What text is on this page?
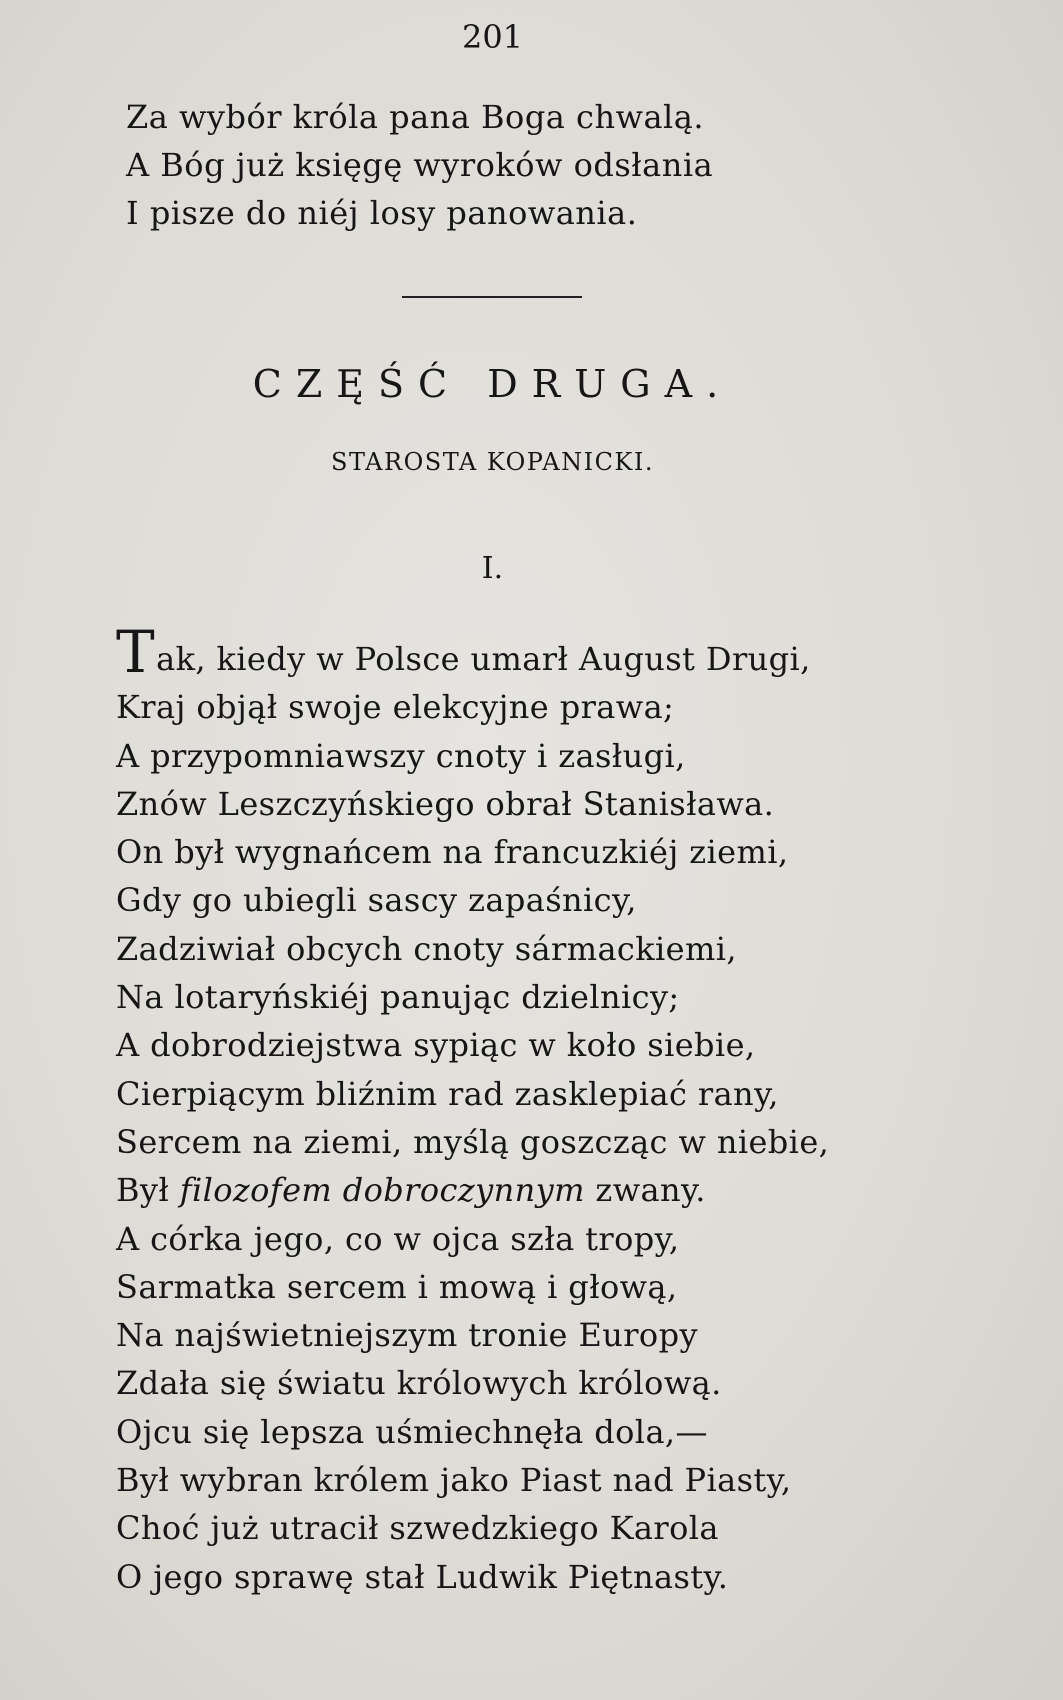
201
Za wybór króla pana Boga chwalą.
A Bóg już księgę wyroków odsłania
I pisze do niéj losy panowania.
CZĘŚĆ DRUGA.
STAROSTA KOPANICKI.
I.
Tak, kiedy w Polsce umarł August Drugi,
Kraj objął swoje elekcyjne prawa;
A przypomniawszy cnoty i zasługi,
Znów Leszczyńskiego obrał Stanisława.
On był wygnańcem na francuzkiéj ziemi,
Gdy go ubiegli sascy zapaśnicy,
Zadziwiał obcych cnoty sármackiemi,
Na lotaryńskiéj panując dzielnicy;
A dobrodziejstwa sypiąc w koło siebie,
Cierpiącym bliźnim rad zasklepiać rany,
Sercem na ziemi, myślą goszcząc w niebie,
Był filozofem dobroczynnym zwany.
A córka jego, co w ojca szła tropy,
Sarmatka sercem i mową i głową,
Na najświetniejszym tronie Europy
Zdała się światu królowych królową.
Ojcu się lepsza uśmiechnęła dola,—
Był wybran królem jako Piast nad Piasty,
Choć już utracił szwedzkiego Karola
O jego sprawę stał Ludwik Piętnasty.
